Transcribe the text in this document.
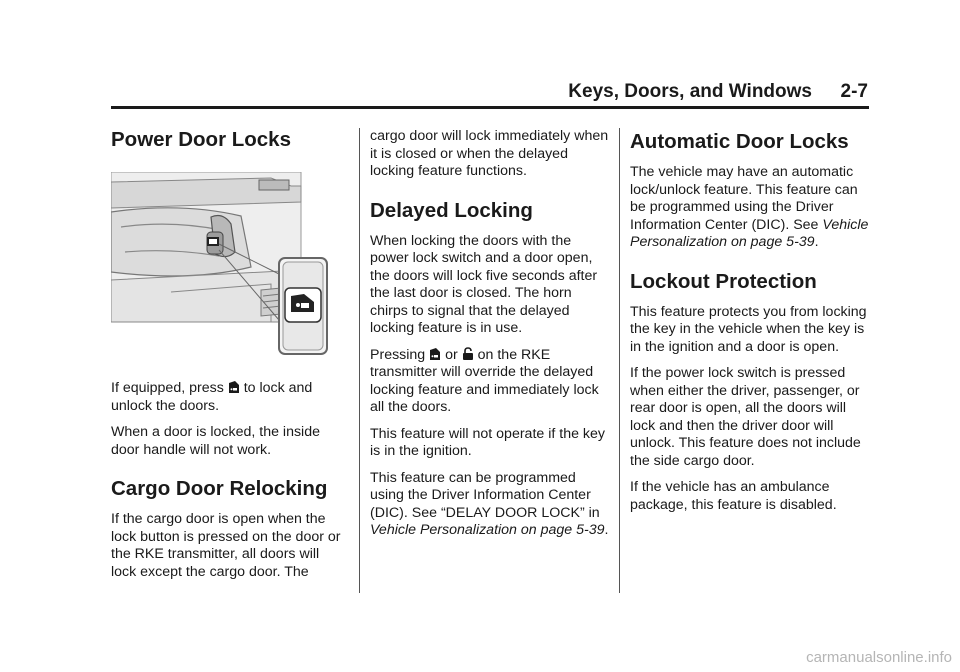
Keys, Doors, and Windows 2-7
Power Door Locks

If equipped, press to lock and unlock the doors.

When a door is locked, the inside door handle will not work.

Cargo Door Relocking

If the cargo door is open when the lock button is pressed on the door or the RKE transmitter, all doors will lock except the cargo door. The

cargo door will lock immediately when it is closed or when the delayed locking feature functions.

Delayed Locking

When locking the doors with the power lock switch and a door open, the doors will lock five seconds after the last door is closed. The horn chirps to signal that the delayed locking feature is in use.

Pressing or on the RKE transmitter will override the delayed locking feature and immediately lock all the doors.

This feature will not operate if the key is in the ignition.

This feature can be programmed using the Driver Information Center (DIC). See “DELAY DOOR LOCK” in Vehicle Personalization on page 5-39.

Automatic Door Locks

The vehicle may have an automatic lock/unlock feature. This feature can be programmed using the Driver Information Center (DIC). See Vehicle Personalization on page 5-39.

Lockout Protection

This feature protects you from locking the key in the vehicle when the key is in the ignition and a door is open.

If the power lock switch is pressed when either the driver, passenger, or rear door is open, all the doors will lock and then the driver door will unlock. This feature does not include the side cargo door.

If the vehicle has an ambulance package, this feature is disabled.

carmanualsonline.info
